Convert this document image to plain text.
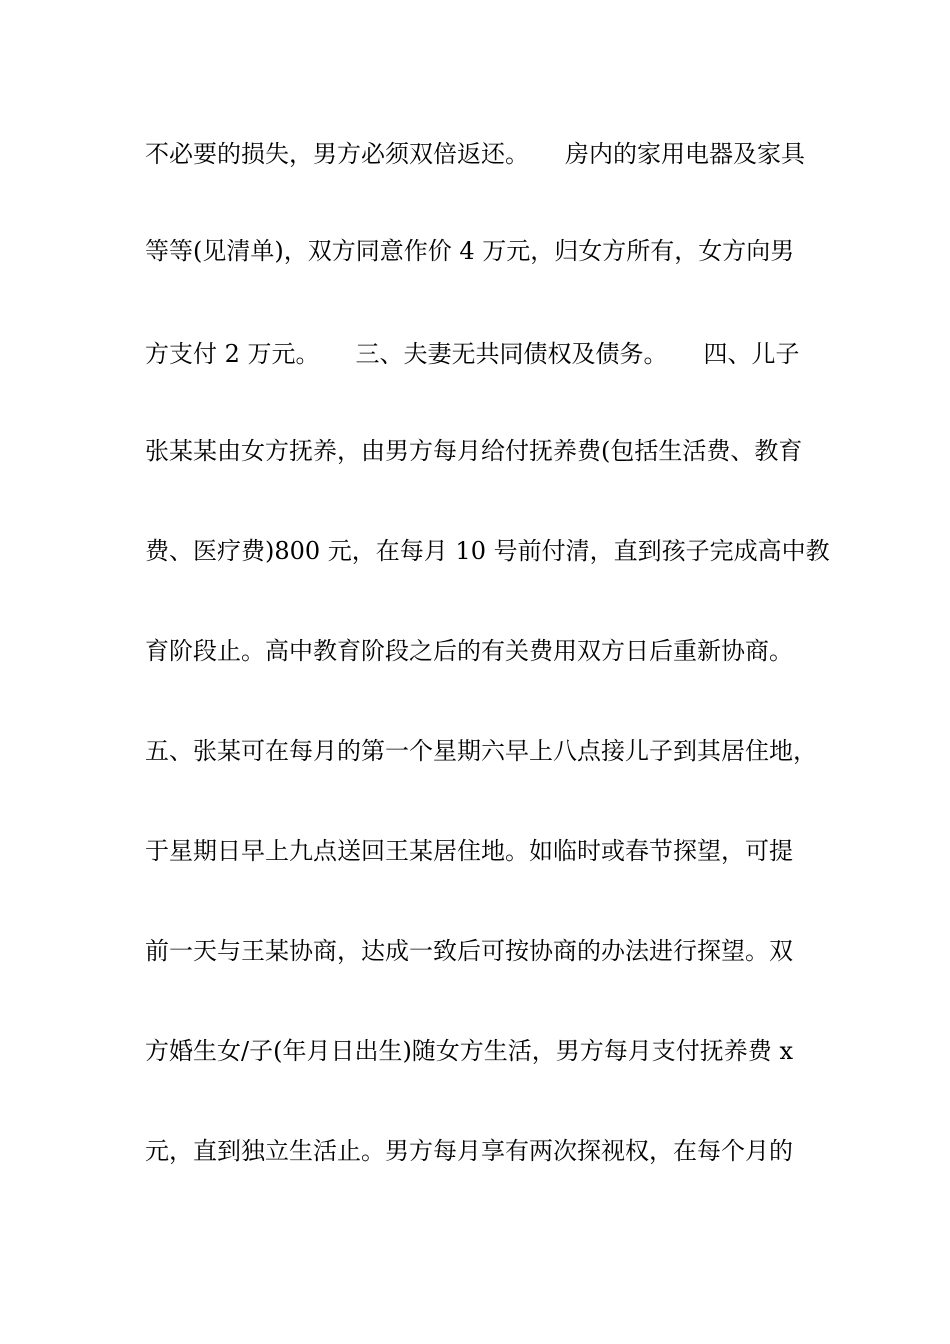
不必要的损失，男方必须双倍返还。　　房内的家用电器及家具
等等(见清单)，双方同意作价 4 万元，归女方所有，女方向男
方支付 2 万元。　　三、夫妻无共同债权及债务。　　四、儿子
张某某由女方抚养，由男方每月给付抚养费(包括生活费、教育
费、医疗费)800 元，在每月 10 号前付清，直到孩子完成高中教
育阶段止。高中教育阶段之后的有关费用双方日后重新协商。
五、张某可在每月的第一个星期六早上八点接儿子到其居住地，
于星期日早上九点送回王某居住地。如临时或春节探望，可提
前一天与王某协商，达成一致后可按协商的办法进行探望。双
方婚生女/子(年月日出生)随女方生活，男方每月支付抚养费 x
元，直到独立生活止。男方每月享有两次探视权，在每个月的
